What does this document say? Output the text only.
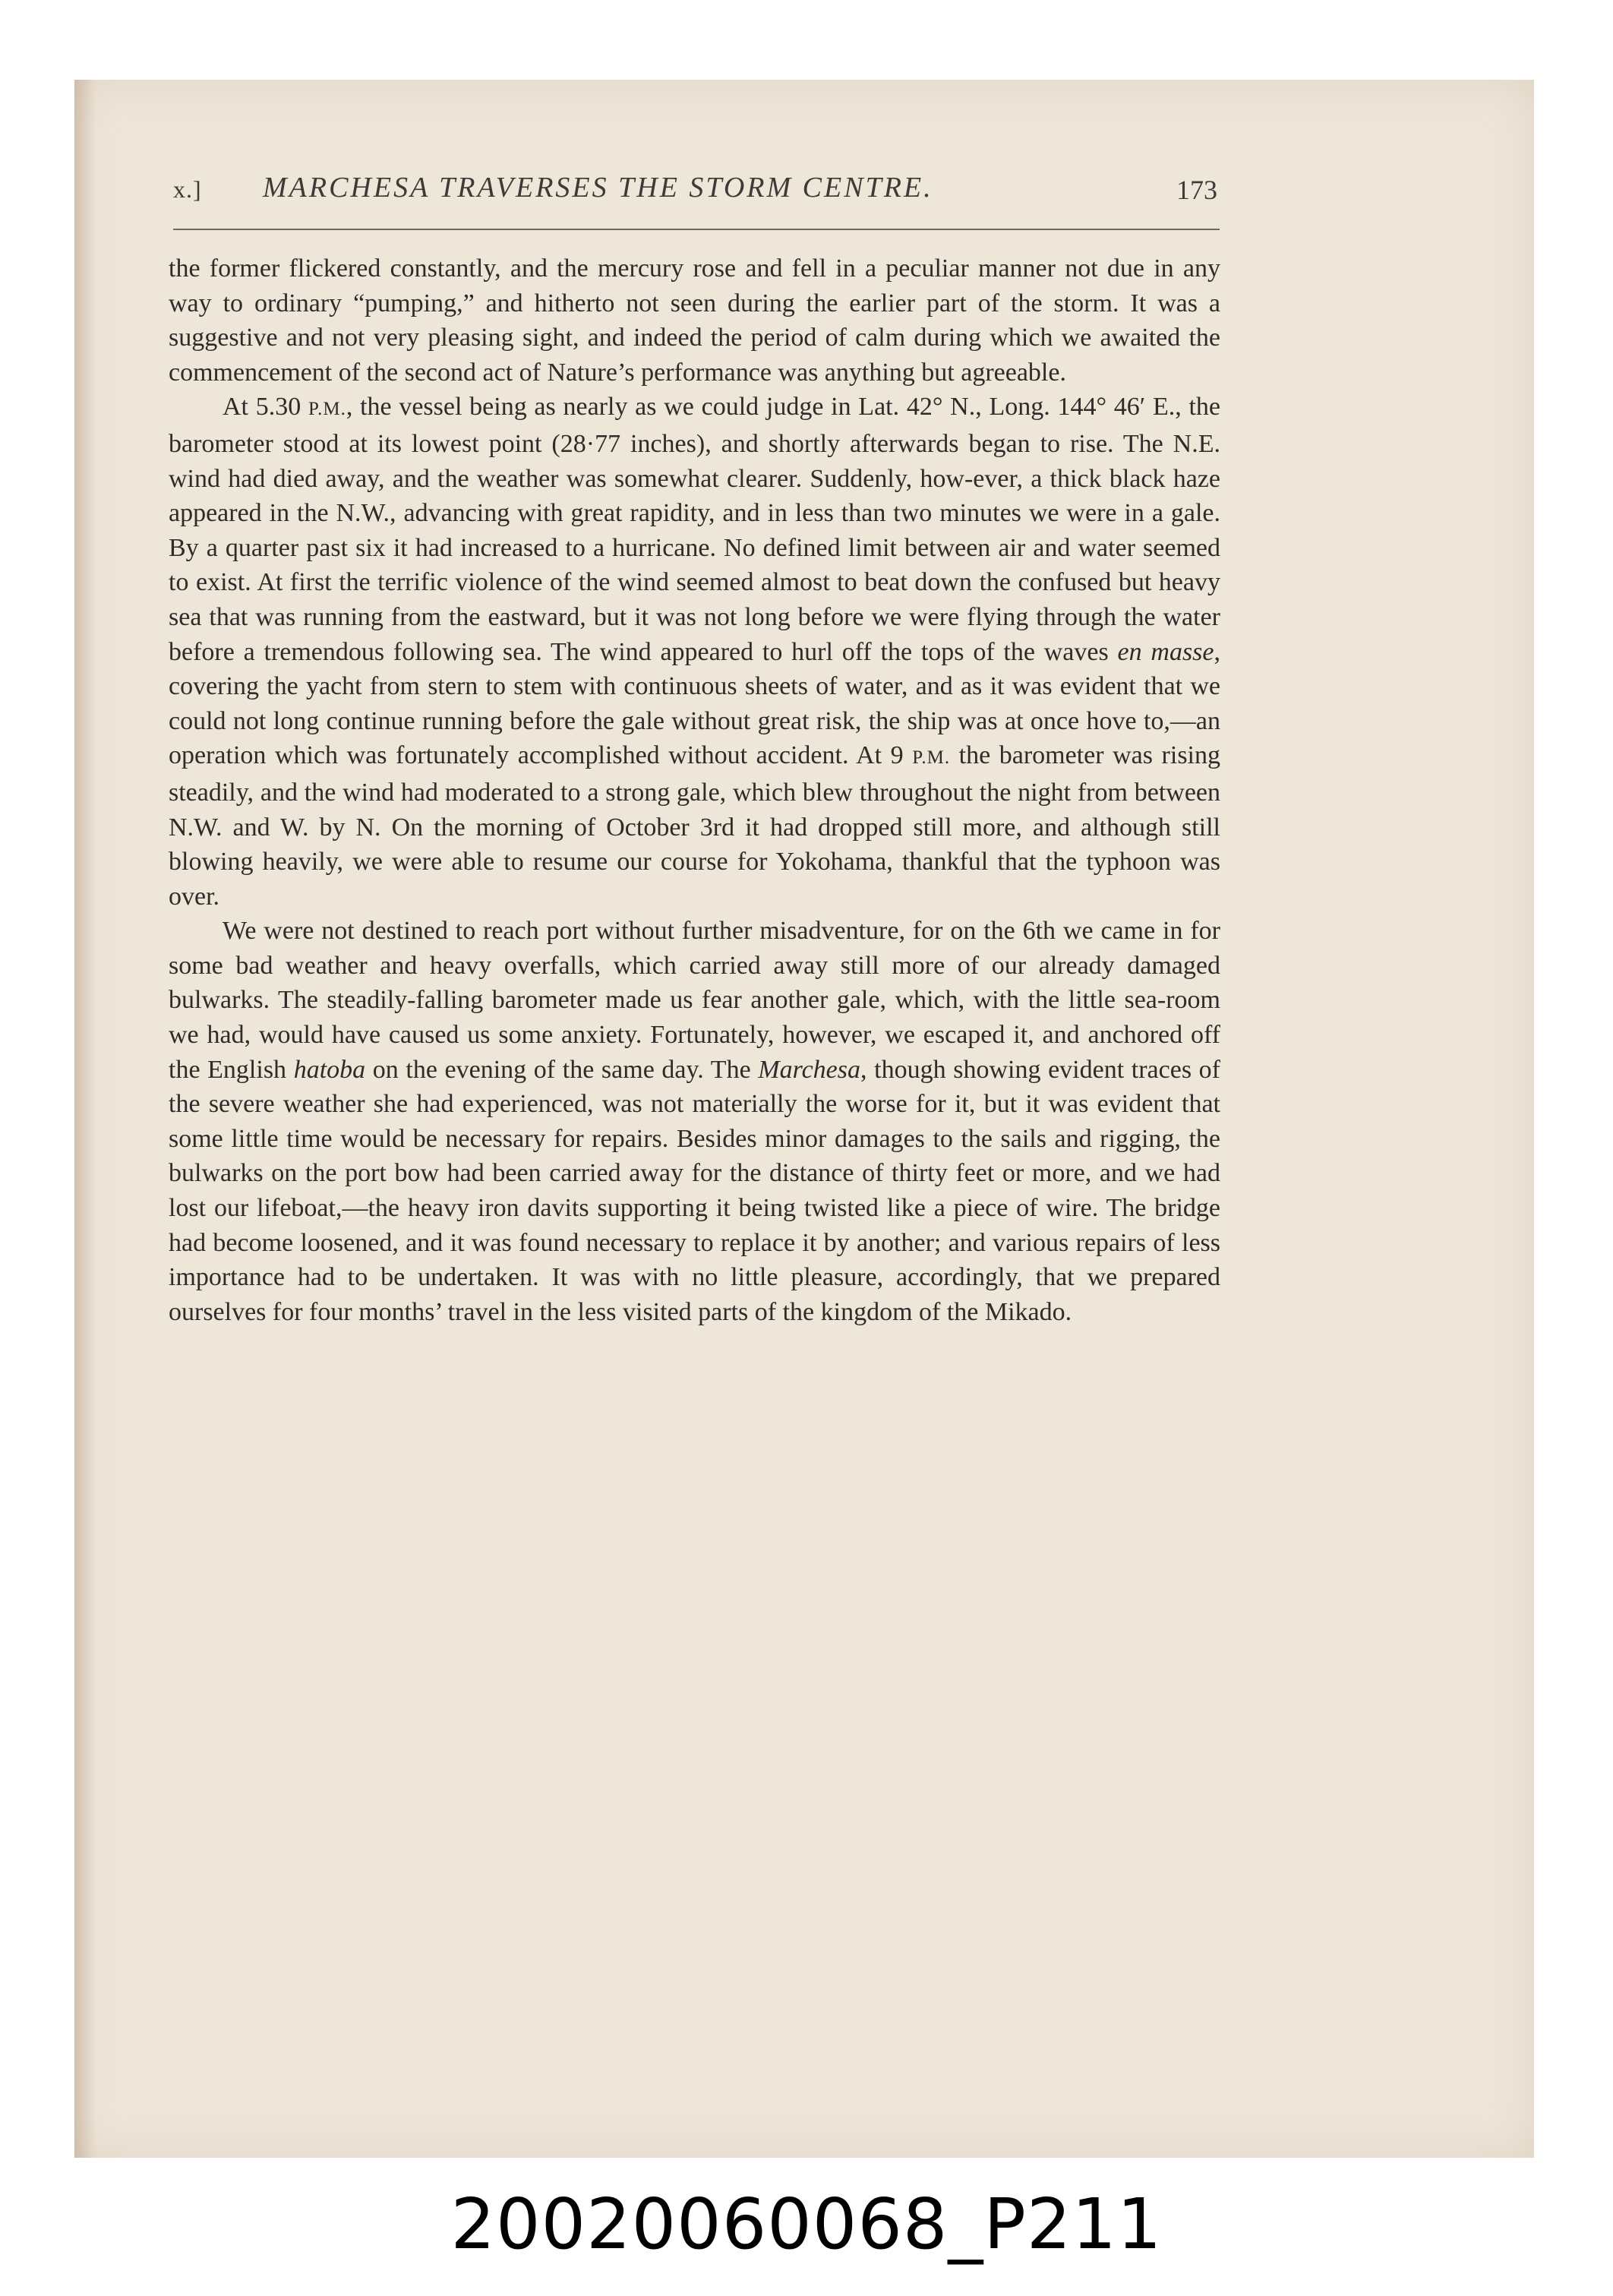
x.] MARCHESA TRAVERSES THE STORM CENTRE.	173

the former flickered constantly, and the mercury rose and fell in a peculiar manner not due in any way to ordinary “pumping,” and hitherto not seen during the earlier part of the storm. It was a suggestive and not very pleasing sight, and indeed the period of calm during which we awaited the commencement of the second act of Nature’s performance was anything but agreeable.

At 5.30 P.M., the vessel being as nearly as we could judge in Lat. 42° N., Long. 144° 46′ E., the barometer stood at its lowest point (28·77 inches), and shortly afterwards began to rise. The N.E. wind had died away, and the weather was somewhat clearer. Suddenly, how-ever, a thick black haze appeared in the N.W., advancing with great rapidity, and in less than two minutes we were in a gale. By a quarter past six it had increased to a hurricane. No defined limit between air and water seemed to exist. At first the terrific violence of the wind seemed almost to beat down the confused but heavy sea that was running from the eastward, but it was not long before we were flying through the water before a tremendous following sea. The wind appeared to hurl off the tops of the waves en masse, covering the yacht from stern to stem with continuous sheets of water, and as it was evident that we could not long continue running before the gale without great risk, the ship was at once hove to,—an operation which was fortunately accomplished without accident. At 9 P.M. the barometer was rising steadily, and the wind had moderated to a strong gale, which blew throughout the night from between N.W. and W. by N. On the morning of October 3rd it had dropped still more, and although still blowing heavily, we were able to resume our course for Yokohama, thankful that the typhoon was over.

We were not destined to reach port without further misadventure, for on the 6th we came in for some bad weather and heavy overfalls, which carried away still more of our already damaged bulwarks. The steadily-falling barometer made us fear another gale, which, with the little sea-room we had, would have caused us some anxiety. Fortunately, however, we escaped it, and anchored off the English hatoba on the evening of the same day. The Marchesa, though showing evident traces of the severe weather she had experienced, was not materially the worse for it, but it was evident that some little time would be necessary for repairs. Besides minor damages to the sails and rigging, the bulwarks on the port bow had been carried away for the distance of thirty feet or more, and we had lost our lifeboat,—the heavy iron davits supporting it being twisted like a piece of wire. The bridge had become loosened, and it was found necessary to replace it by another; and various repairs of less importance had to be undertaken. It was with no little pleasure, accordingly, that we prepared ourselves for four months’ travel in the less visited parts of the kingdom of the Mikado.

20020060068_P211
